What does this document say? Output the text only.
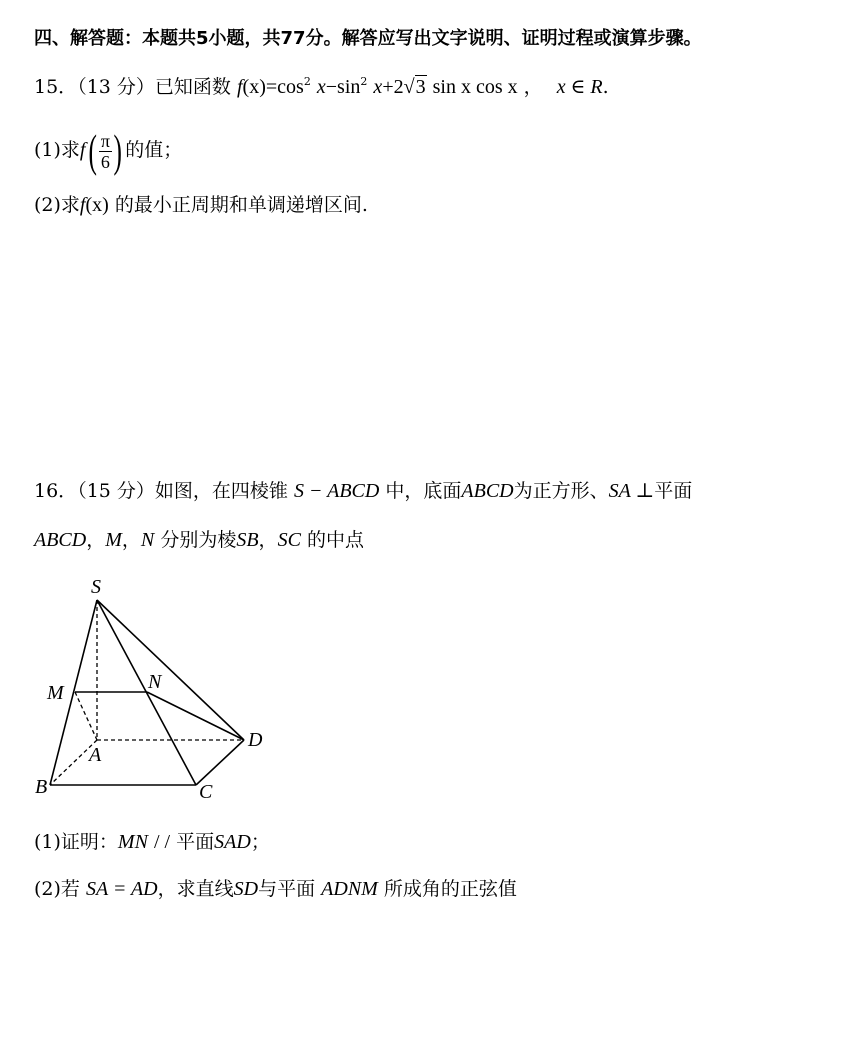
四、解答题：本题共5小题，共77分。解答应写出文字说明、证明过程或演算步骤。
15．（13 分）已知函数 $f(x)=\cos^2$ $x-\sin^2$ x+2√3 sin x cos x ， x ∈ R.
(1)求$f( \frac{\pi}{6}$ ) 的值；
(2)求f(x) 的最小正周期和单调递增区间.
16．（15 分）如图，在四棱锥 S − ABCD 中，底面ABCD为正方形、SA ⊥平面
ABCD，M，N 分别为棱SB，SC 的中点
S
M	N
A
D
B	C
(1)证明：MN / / 平面SAD；
(2)若 SA = AD，求直线SD与平面 ADNM 所成角的正弦值
